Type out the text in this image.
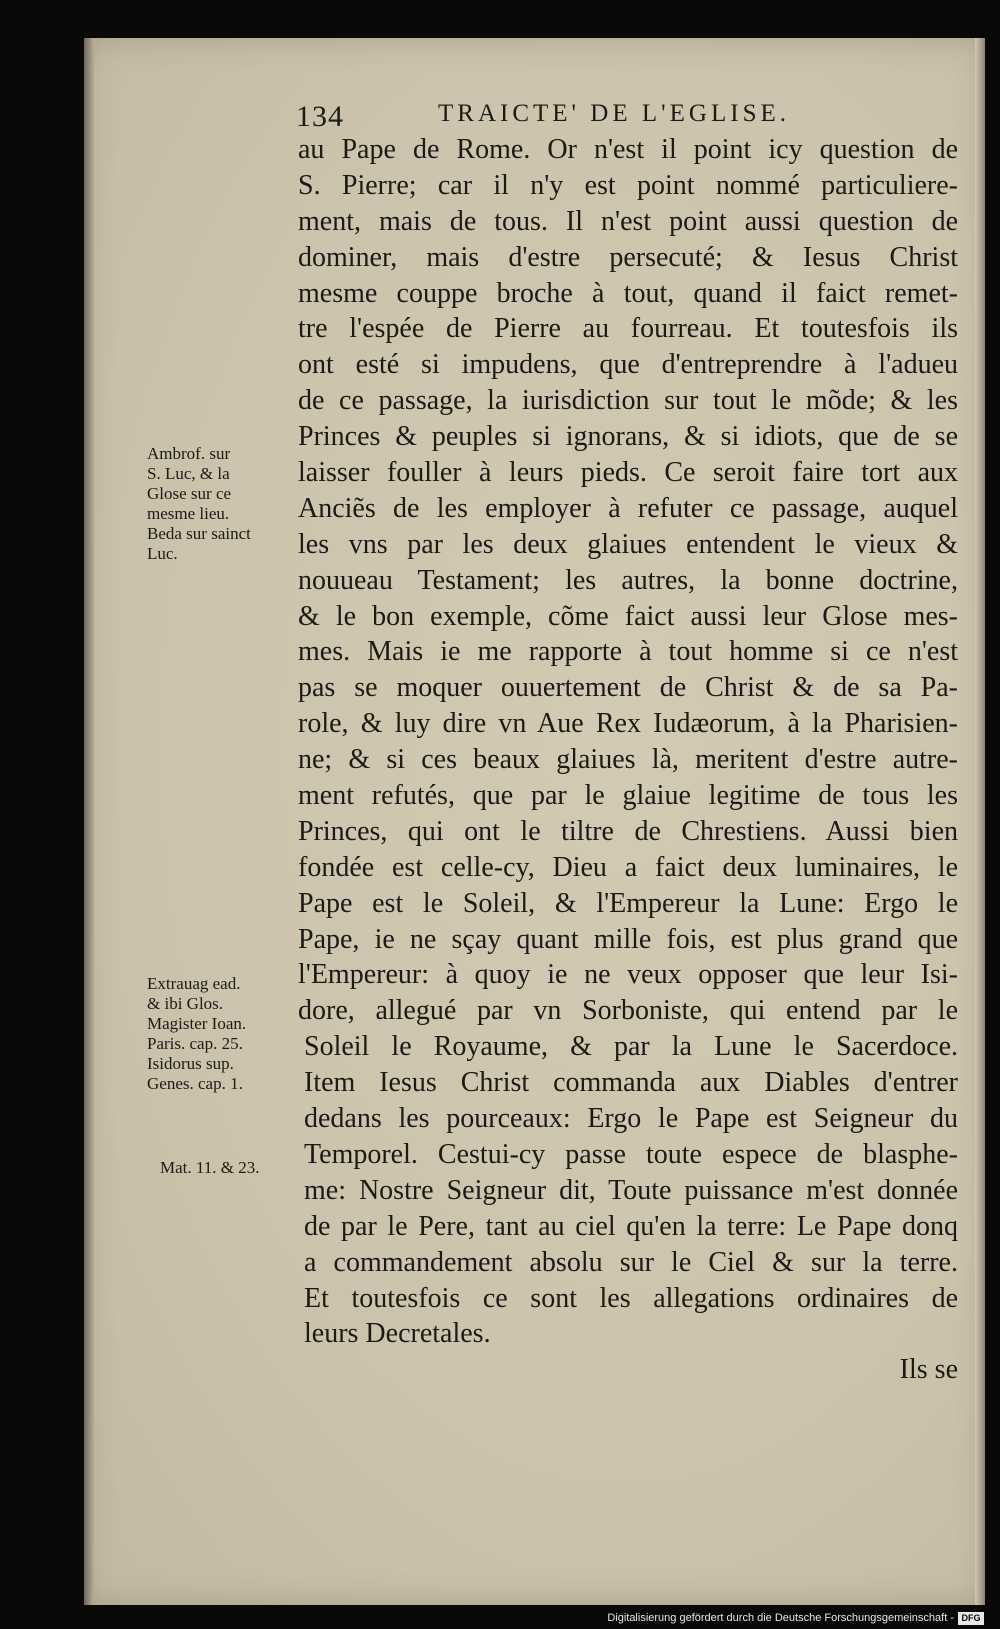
134	TRAICTE' DE L'EGLISE.
au Pape de Rome. Or n'est il point icy question de
S. Pierre; car il n'y est point nommé particuliere-
ment, mais de tous. Il n'est point aussi question de
dominer, mais d'estre persecuté; & Iesus Christ
mesme couppe broche à tout, quand il faict remet-
tre l'espée de Pierre au fourreau. Et toutesfois ils
ont esté si impudens, que d'entreprendre à l'adueu
de ce passage, la iurisdiction sur tout le mõde; & les
Princes & peuples si ignorans, & si idiots, que de se
laisser fouller à leurs pieds. Ce seroit faire tort aux
Anciẽs de les employer à refuter ce passage, auquel
les vns par les deux glaiues entendent le vieux &
nouueau Testament; les autres, la bonne doctrine,
& le bon exemple, cõme faict aussi leur Glose mes-
mes. Mais ie me rapporte à tout homme si ce n'est
pas se moquer ouuertement de Christ & de sa Pa-
role, & luy dire vn Aue Rex Iudæorum, à la Pharisien-
ne; & si ces beaux glaiues là, meritent d'estre autre-
ment refutés, que par le glaiue legitime de tous les
Princes, qui ont le tiltre de Chrestiens. Aussi bien
fondée est celle-cy, Dieu a faict deux luminaires, le
Pape est le Soleil, & l'Empereur la Lune: Ergo le
Pape, ie ne sçay quant mille fois, est plus grand que
l'Empereur: à quoy ie ne veux opposer que leur Isi-
dore, allegué par vn Sorboniste, qui entend par le
Soleil le Royaume, & par la Lune le Sacerdoce.
Item Iesus Christ commanda aux Diables d'entrer
dedans les pourceaux: Ergo le Pape est Seigneur du
Temporel. Cestui-cy passe toute espece de blasphe-
me: Nostre Seigneur dit, Toute puissance m'est donnée
de par le Pere, tant au ciel qu'en la terre: Le Pape donq
a commandement absolu sur le Ciel & sur la terre.
Et toutesfois ce sont les allegations ordinaires de
leurs Decretales.
Ils se
Ambrof. sur
S. Luc, & la
Glose sur ce
mesme lieu.
Beda sur sainct
Luc.
Extrauag ead.
& ibi Glos.
Magister Ioan.
Paris. cap. 25.
Isidorus sup.
Genes. cap. 1.
Mat. 11. & 23.
Digitalisierung gefördert durch die Deutsche Forschungsgemeinschaft - DFG
